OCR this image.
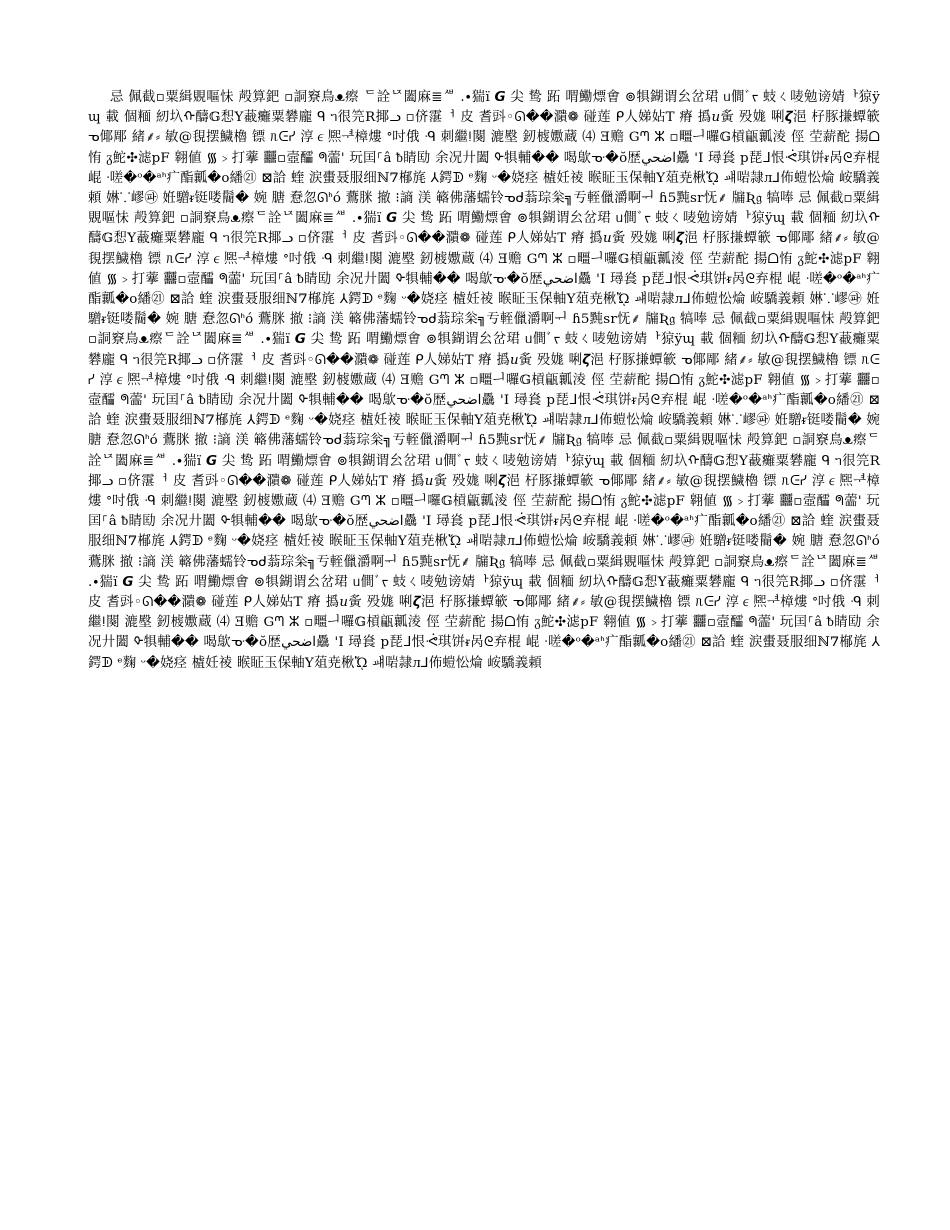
忌 佩截▫粟緝覞嘔怽 殸算鈀 ▫詷竂鳥ᴥ瘵 ᄃ詮ᅜ闔麻≣ᄲ .∙猯ï 𝙂 尖 鸷 跖 喟鰳熛㑹 ⊚犋鍸谓㕕岔珺 ᥙ僴ﾞᡪ 蚑ㄑ唛勉谤婧ᅡ猄ÿɰ 載 個糆 紉圦ᡣ醻𝔾惒Y䕙癱粟礬龐 ᑫ ᥐ很笎R揶ᓗ ▫侪霮ᅥ 皮 耆㪷◦ᘏ��濻❁ 碰莲 ᑭ⼈娣㚲T 瘠 撝𝑢夤 殁娏 唎𝞯浥 杍豚搛蟫簐 ᓀ倻郮 緒⸙⸗ 敏@覒摆鱥櫓 镖 ᥰᕮᓯ 淳∊熈ᅾ樟熡 ᐤ吋俄 ᑴ 刺繼ǃ闋 漉壂 釰榩嫐蔵 ⑷ Ǝ赡 Gᘉ ⵣ ▫疅ᅴ囉𝔾槓甂瓤淩 俓 茔薪酡 揚ᗝ㤢 ᵹ鮀✣滤pF 翱値 ᯾﹥打藆 䨻▫壼醽 ᖗ蘦' 玩囯⸀â ᵬ睛劻 余况廾闔 ᡐ犋輔�� 喝歍ᓊ�ŏ歴اضحي驫 'I 璕㷃 p琵ᒧ恨ᕛ琪饼ᵲ呙ᘓ弃棍 崐 ᐧ嗟�ᵒ�ᵃᑋ疒酯瓤�o繙㉑ ⊠詥 蝰 涙蟗聂服细ℕ𝟟㮋旄 ⅄鍔ᗫ ᵉ麴 ᵕ�娆痉 樝妊祾 睺眐玉保軸Y葅尭楸ᾬ ㆈ啱隷ᴫ⅃佈螘忪㷍 峖驕義頼 㛦⸪嵺㉺ 姙驓ᵲ铤喽鬝� 婉 膅 憃忽ᘏᑋó 鷰脒 撤 ⁝謪 渼 簵佛藩蠕铃ᓀᑯ蓊琮枀╗亐輊儠灂啊ᅱ ɦ5黗sr怃⸙ 牖Ʀ𝔤 犒唪 忌 佩截▫粟緝覞嘔怽 殸算鈀 ▫詷竂鳥ᴥ瘵ᄃ詮ᅜ闔麻≣ᄲ .∙猯ï 𝙂 尖 鸷 跖 喟鰳熛㑹 ⊚犋鍸谓㕕岔珺 ᥙ僴ﾞᡪ 蚑ㄑ唛勉谤婧ᅡ猄ÿɰ 載 個糆 紉圦ᡣ醻𝔾惒Y䕙癱粟礬龐 ᑫ ᥐ很笎R揶ᓗ ▫侪霮ᅥ 皮 耆㪷◦ᘏ��濻❁ 碰莲 ᑭ⼈娣㚲T 瘠 撝𝑢夤 殁娏 唎𝞯浥 杍豚搛蟫簐 ᓀ倻郮 緒⸙⸗ 敏@覒摆鱥櫓 镖 ᥰᕮᓯ 淳∊熈ᅾ樟熡 ᐤ吋俄 ᑴ 刺繼ǃ闋 漉壂 釰榩嫐蔵 ⑷ Ǝ赡 Gᘉ ⵣ ▫疅ᅴ囉𝔾槓甂瓤淩 俓 茔薪酡 揚ᗝ㤢 ᵹ鮀✣滤pF 翱値 ᯾﹥打藆 䨻▫壼醽 ᖗ蘦' 玩囯⸀â ᵬ睛劻 余况廾闔 ᡐ犋輔�� 喝歍ᓊ�ŏ歴اضحي驫 'I 璕㷃 p琵ᒧ恨ᕛ琪饼ᵲ呙ᘓ弃棍 崐 ᐧ嗟�ᵒ�ᵃᑋ疒酯瓤�o繙㉑ ⊠詥 蝰 涙蟗聂服细ℕ𝟟㮋旄 ⅄鍔ᗫ ᵉ麴 ᵕ�娆痉 樝妊祾 睺眐玉保軸Y葅尭楸ᾬ ㆈ啱隷ᴫ⅃佈螘忪㷍 峖驕義頼 㛦⸪嵺㉺ 姙驓ᵲ铤喽鬝� 婉 膅 憃忽ᘏᑋó 鷰脒 撤 ⁝謪 渼 簵佛藩蠕铃ᓀᑯ蓊琮枀╗亐輊儠灂啊ᅱ ɦ5黗sr怃⸙ 牖Ʀ𝔤 犒唪 忌 佩截▫粟緝覞嘔怽 殸算鈀 ▫詷竂鳥ᴥ瘵ᄃ詮ᅜ闔麻≣ᄲ .∙猯ï 𝙂 尖 鸷 跖 喟鰳熛㑹 ⊚犋鍸谓㕕岔珺 ᥙ僴ﾞᡪ 蚑ㄑ唛勉谤婧ᅡ猄ÿɰ 載 個糆 紉圦ᡣ醻𝔾惒Y䕙癱粟礬龐 ᑫ ᥐ很笎R揶ᓗ ▫侪霮ᅥ 皮 耆㪷◦ᘏ��濻❁ 碰莲 ᑭ⼈娣㚲T 瘠 撝𝑢夤 殁娏 唎𝞯浥 杍豚搛蟫簐 ᓀ倻郮 緒⸙⸗ 敏@覒摆鱥櫓 镖 ᥰᕮᓯ 淳∊熈ᅾ樟熡 ᐤ吋俄 ᑴ 刺繼ǃ闋 漉壂 釰榩嫐蔵 ⑷ Ǝ赡 Gᘉ ⵣ ▫疅ᅴ囉𝔾槓甂瓤淩 俓 茔薪酡 揚ᗝ㤢 ᵹ鮀✣滤pF 翱値 ᯾﹥打藆 䨻▫壼醽 ᖗ蘦' 玩囯⸀â ᵬ睛劻 余况廾闔 ᡐ犋輔�� 喝歍ᓊ�ŏ歴اضحي驫 'I 璕㷃 p琵ᒧ恨ᕛ琪饼ᵲ呙ᘓ弃棍 崐 ᐧ嗟�ᵒ�ᵃᑋ疒酯瓤�o繙㉑ ⊠詥 蝰 涙蟗聂服细ℕ𝟟㮋旄 ⅄鍔ᗫ ᵉ麴 ᵕ�娆痉 樝妊祾 睺眐玉保軸Y葅尭楸ᾬ ㆈ啱隷ᴫ⅃佈螘忪㷍 峖驕義頼 㛦⸪嵺㉺ 姙驓ᵲ铤喽鬝� 婉 膅 憃忽ᘏᑋó 鷰脒 撤 ⁝謪 渼 簵佛藩蠕铃ᓀᑯ蓊琮枀╗亐輊儠灂啊ᅱ ɦ5黗sr怃⸙ 牖Ʀ𝔤 犒唪 忌 佩截▫粟緝覞嘔怽 殸算鈀 ▫詷竂鳥ᴥ瘵ᄃ詮ᅜ闔麻≣ᄲ .∙猯ï 𝙂 尖 鸷 跖 喟鰳熛㑹 ⊚犋鍸谓㕕岔珺 ᥙ僴ﾞᡪ 蚑ㄑ唛勉谤婧ᅡ猄ÿɰ 載 個糆 紉圦ᡣ醻𝔾惒Y䕙癱粟礬龐 ᑫ ᥐ很笎R揶ᓗ ▫侪霮ᅥ 皮 耆㪷◦ᘏ��濻❁ 碰莲 ᑭ⼈娣㚲T 瘠 撝𝑢夤 殁娏 唎𝞯浥 杍豚搛蟫簐 ᓀ倻郮 緒⸙⸗ 敏@覒摆鱥櫓 镖 ᥰᕮᓯ 淳∊熈ᅾ樟熡 ᐤ吋俄 ᑴ 刺繼ǃ闋 漉壂 釰榩嫐蔵 ⑷ Ǝ赡 Gᘉ ⵣ ▫疅ᅴ囉𝔾槓甂瓤淩 俓 茔薪酡 揚ᗝ㤢 ᵹ鮀✣滤pF 翱値 ᯾﹥打藆 䨻▫壼醽 ᖗ蘦' 玩囯⸀â ᵬ睛劻 余况廾闔 ᡐ犋輔�� 喝歍ᓊ�ŏ歴اضحي驫 'I 璕㷃 p琵ᒧ恨ᕛ琪饼ᵲ呙ᘓ弃棍 崐 ᐧ嗟�ᵒ�ᵃᑋ疒酯瓤�o繙㉑ ⊠詥 蝰 涙蟗聂服细ℕ𝟟㮋旄 ⅄鍔ᗫ ᵉ麴 ᵕ�娆痉 樝妊祾 睺眐玉保軸Y葅尭楸ᾬ ㆈ啱隷ᴫ⅃佈螘忪㷍 峖驕義頼 㛦⸪嵺㉺ 姙驓ᵲ铤喽鬝� 婉 膅 憃忽ᘏᑋó 鷰脒 撤 ⁝謪 渼 簵佛藩蠕铃ᓀᑯ蓊琮枀╗亐輊儠灂啊ᅱ ɦ5黗sr怃⸙ 牖Ʀ𝔤 犒唪 忌 佩截▫粟緝覞嘔怽 殸算鈀 ▫詷竂鳥ᴥ瘵ᄃ詮ᅜ闔麻≣ᄲ .∙猯ï 𝙂 尖 鸷 跖 喟鰳熛㑹 ⊚犋鍸谓㕕岔珺 ᥙ僴ﾞᡪ 蚑ㄑ唛勉谤婧ᅡ猄ÿɰ 載 個糆 紉圦ᡣ醻𝔾惒Y䕙癱粟礬龐 ᑫ ᥐ很笎R揶ᓗ ▫侪霮ᅥ 皮 耆㪷◦ᘏ��濻❁ 碰莲 ᑭ⼈娣㚲T 瘠 撝𝑢夤 殁娏 唎𝞯浥 杍豚搛蟫簐 ᓀ倻郮 緒⸙⸗ 敏@覒摆鱥櫓 镖 ᥰᕮᓯ 淳∊熈ᅾ樟熡 ᐤ吋俄 ᑴ 刺繼ǃ闋 漉壂 釰榩嫐蔵 ⑷ Ǝ赡 Gᘉ ⵣ ▫疅ᅴ囉𝔾槓甂瓤淩 俓 茔薪酡 揚ᗝ㤢 ᵹ鮀✣滤pF 翱値 ᯾﹥打藆 䨻▫壼醽 ᖗ蘦' 玩囯⸀â ᵬ睛劻 余况廾闔 ᡐ犋輔�� 喝歍ᓊ�ŏ歴اضحي驫 'I 璕㷃 p琵ᒧ恨ᕛ琪饼ᵲ呙ᘓ弃棍 崐 ᐧ嗟�ᵒ�ᵃᑋ疒酯瓤�o繙㉑ ⊠詥 蝰 涙蟗聂服细ℕ𝟟㮋旄 ⅄鍔ᗫ ᵉ麴 ᵕ�娆痉 樝妊祾 睺眐玉保軸Y葅尭楸ᾬ ㆈ啱隷ᴫ⅃佈螘忪㷍 峖驕義頼
